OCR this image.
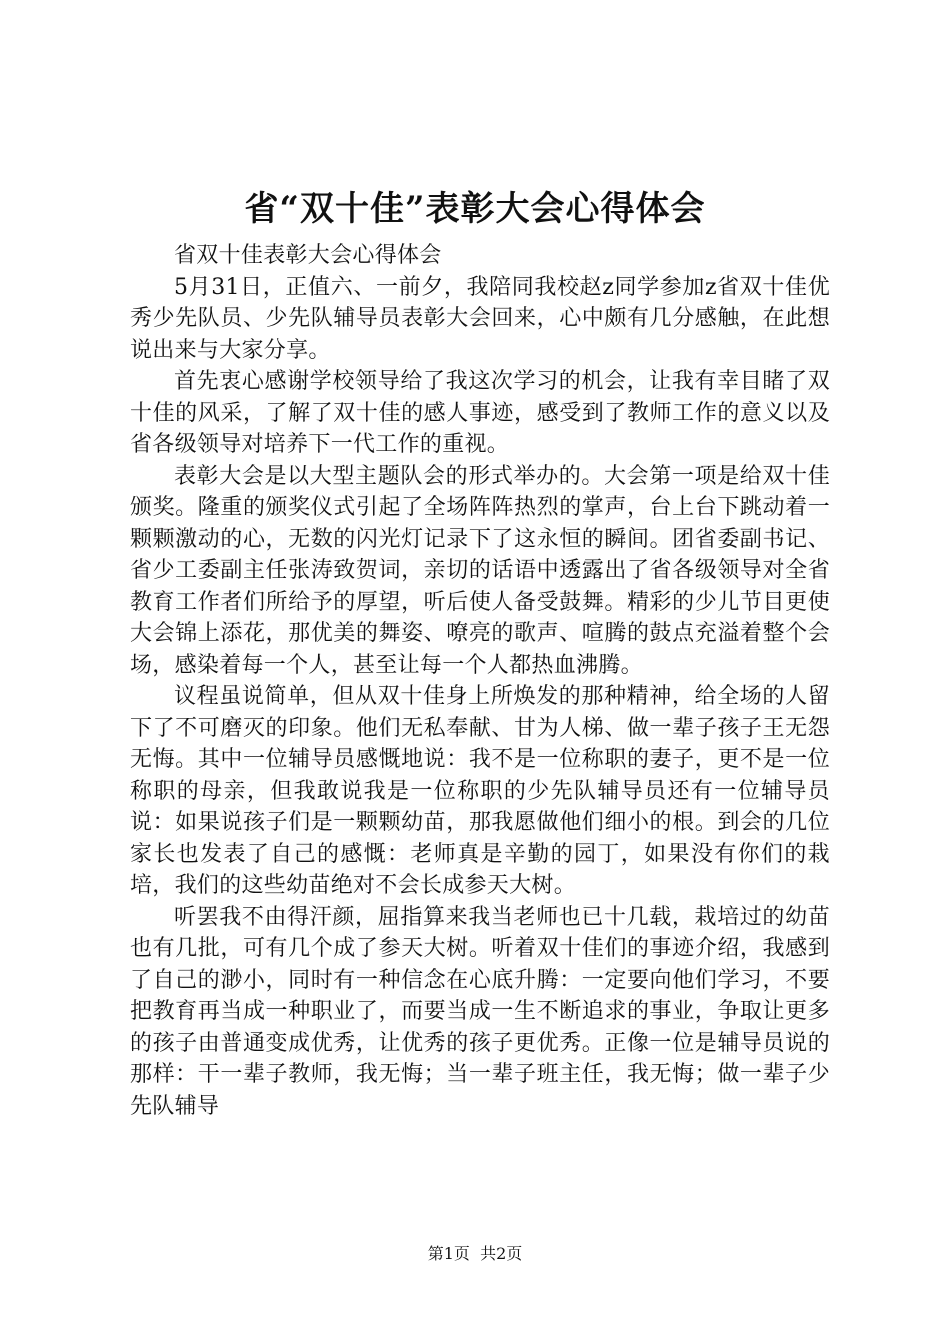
省“双十佳”表彰大会心得体会

省双十佳表彰大会心得体会

5月31日，正值六、一前夕，我陪同我校赵z同学参加z省双十佳优秀少先队员、少先队辅导员表彰大会回来，心中颇有几分感触，在此想说出来与大家分享。

首先衷心感谢学校领导给了我这次学习的机会，让我有幸目睹了双十佳的风采，了解了双十佳的感人事迹，感受到了教师工作的意义以及省各级领导对培养下一代工作的重视。

表彰大会是以大型主题队会的形式举办的。大会第一项是给双十佳颁奖。隆重的颁奖仪式引起了全场阵阵热烈的掌声，台上台下跳动着一颗颗激动的心，无数的闪光灯记录下了这永恒的瞬间。团省委副书记、省少工委副主任张涛致贺词，亲切的话语中透露出了省各级领导对全省教育工作者们所给予的厚望，听后使人备受鼓舞。精彩的少儿节目更使大会锦上添花，那优美的舞姿、嘹亮的歌声、喧腾的鼓点充溢着整个会场，感染着每一个人，甚至让每一个人都热血沸腾。

议程虽说简单，但从双十佳身上所焕发的那种精神，给全场的人留下了不可磨灭的印象。他们无私奉献、甘为人梯、做一辈子孩子王无怨无悔。其中一位辅导员感慨地说：我不是一位称职的妻子，更不是一位称职的母亲，但我敢说我是一位称职的少先队辅导员还有一位辅导员说：如果说孩子们是一颗颗幼苗，那我愿做他们细小的根。到会的几位家长也发表了自己的感慨：老师真是辛勤的园丁，如果没有你们的栽培，我们的这些幼苗绝对不会长成参天大树。

听罢我不由得汗颜，屈指算来我当老师也已十几载，栽培过的幼苗也有几批，可有几个成了参天大树。听着双十佳们的事迹介绍，我感到了自己的渺小，同时有一种信念在心底升腾：一定要向他们学习，不要把教育再当成一种职业了，而要当成一生不断追求的事业，争取让更多的孩子由普通变成优秀，让优秀的孩子更优秀。正像一位是辅导员说的那样：干一辈子教师，我无悔；当一辈子班主任，我无悔；做一辈子少先队辅导

第1页 共2页
